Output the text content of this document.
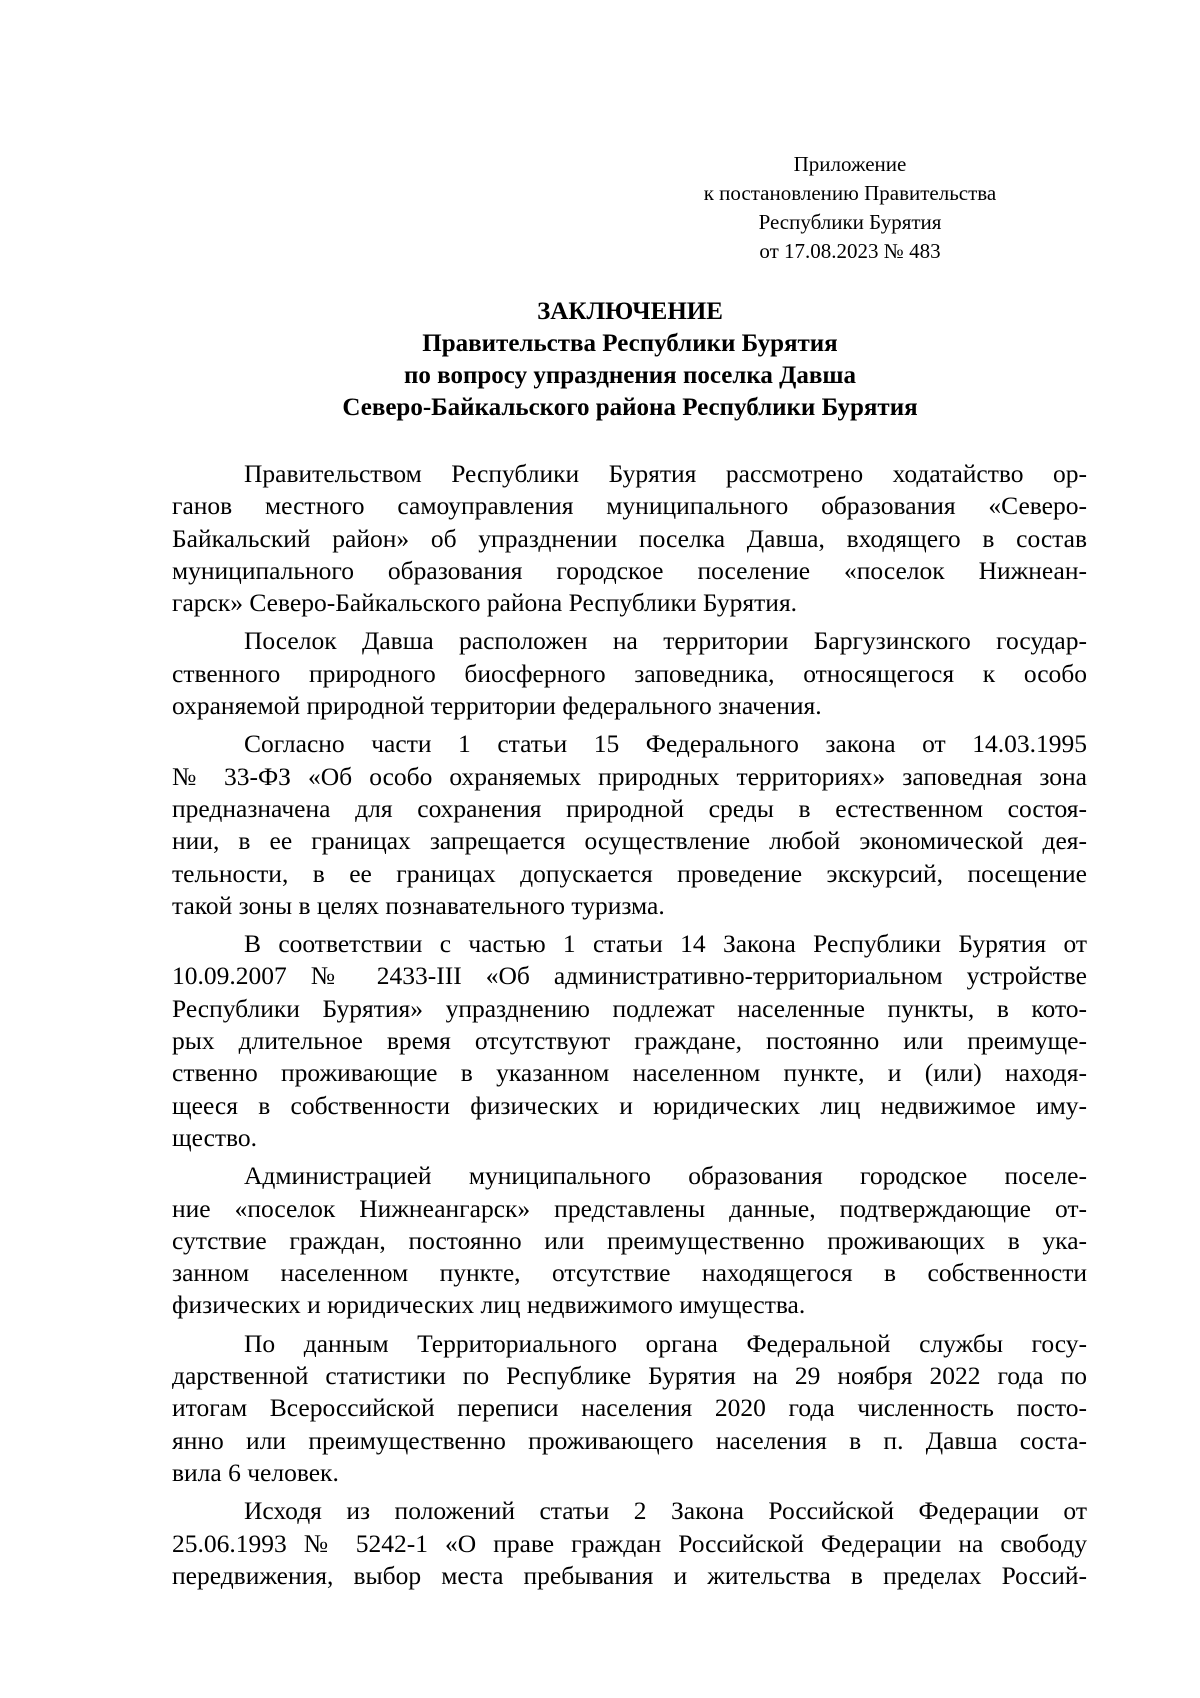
Приложение
к постановлению Правительства
Республики Бурятия
от 17.08.2023 № 483
ЗАКЛЮЧЕНИЕ
Правительства Республики Бурятия
по вопросу упразднения поселка Давша
Северо-Байкальского района Республики Бурятия

Правительством Республики Бурятия рассмотрено ходатайство ор-
ганов местного самоуправления муниципального образования «Северо-
Байкальский район» об упразднении поселка Давша, входящего в состав
муниципального образования городское поселение «поселок Нижнеан-
гарск» Северо-Байкальского района Республики Бурятия.

Поселок Давша расположен на территории Баргузинского государ-
ственного природного биосферного заповедника, относящегося к особо
охраняемой природной территории федерального значения.

Согласно части 1 статьи 15 Федерального закона от 14.03.1995
№ 33-ФЗ «Об особо охраняемых природных территориях» заповедная зона
предназначена для сохранения природной среды в естественном состоя-
нии, в ее границах запрещается осуществление любой экономической дея-
тельности, в ее границах допускается проведение экскурсий, посещение
такой зоны в целях познавательного туризма.

В соответствии с частью 1 статьи 14 Закона Республики Бурятия от
10.09.2007 № 2433-III «Об административно-территориальном устройстве
Республики Бурятия» упразднению подлежат населенные пункты, в кото-
рых длительное время отсутствуют граждане, постоянно или преимуще-
ственно проживающие в указанном населенном пункте, и (или) находя-
щееся в собственности физических и юридических лиц недвижимое иму-
щество.

Администрацией муниципального образования городское поселе-
ние «поселок Нижнеангарск» представлены данные, подтверждающие от-
сутствие граждан, постоянно или преимущественно проживающих в ука-
занном населенном пункте, отсутствие находящегося в собственности
физических и юридических лиц недвижимого имущества.

По данным Территориального органа Федеральной службы госу-
дарственной статистики по Республике Бурятия на 29 ноября 2022 года по
итогам Всероссийской переписи населения 2020 года численность посто-
янно или преимущественно проживающего населения в п. Давша соста-
вила 6 человек.

Исходя из положений статьи 2 Закона Российской Федерации от
25.06.1993 № 5242-1 «О праве граждан Российской Федерации на свободу
передвижения, выбор места пребывания и жительства в пределах Россий-
